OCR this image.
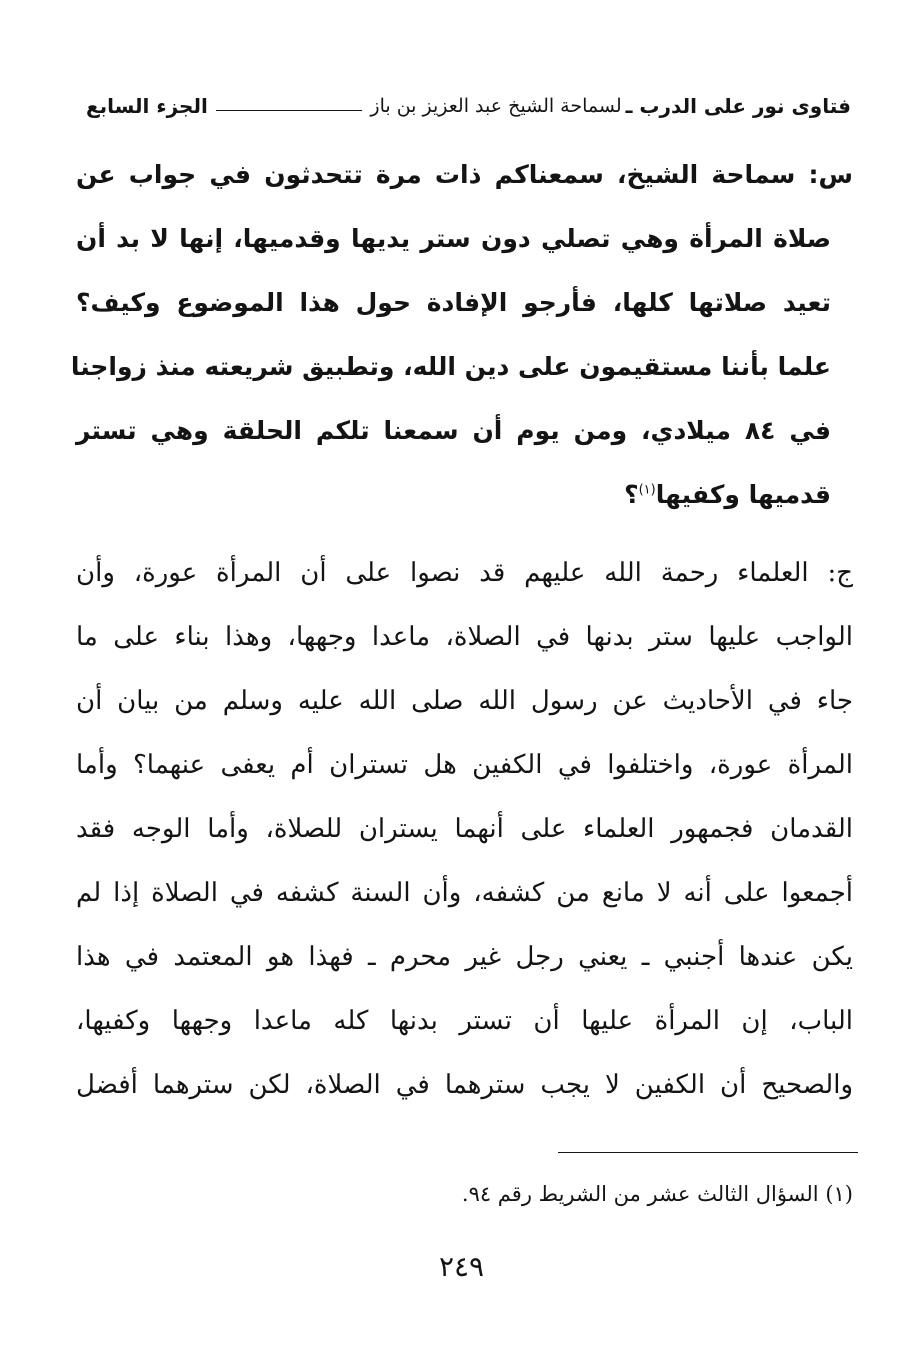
فتاوى نور على الدرب ـ
لسماحة الشيخ عبد العزيز بن باز
الجزء السابع
س: سماحة الشيخ، سمعناكم ذات مرة تتحدثون في جواب عن
صلاة المرأة وهي تصلي دون ستر يديها وقدميها، إنها لا بد أن
تعيد صلاتها كلها، فأرجو الإفادة حول هذا الموضوع وكيف؟
علما بأننا مستقيمون على دين الله، وتطبيق شريعته منذ زواجنا
في ٨٤ ميلادي، ومن يوم أن سمعنا تلكم الحلقة وهي تستر
قدميها وكفيها$^{(١)}$؟
ج: العلماء رحمة الله عليهم قد نصوا على أن المرأة عورة، وأن
الواجب عليها ستر بدنها في الصلاة، ماعدا وجهها، وهذا بناء على ما
جاء في الأحاديث عن رسول الله صلى الله عليه وسلم من بيان أن
المرأة عورة، واختلفوا في الكفين هل تستران أم يعفى عنهما؟ وأما
القدمان فجمهور العلماء على أنهما يستران للصلاة، وأما الوجه فقد
أجمعوا على أنه لا مانع من كشفه، وأن السنة كشفه في الصلاة إذا لم
يكن عندها أجنبي ـ يعني رجل غير محرم ـ فهذا هو المعتمد في هذا
الباب، إن المرأة عليها أن تستر بدنها كله ماعدا وجهها وكفيها،
والصحيح أن الكفين لا يجب سترهما في الصلاة، لكن سترهما أفضل
(١) السؤال الثالث عشر من الشريط رقم ٩٤.
٢٤٩
